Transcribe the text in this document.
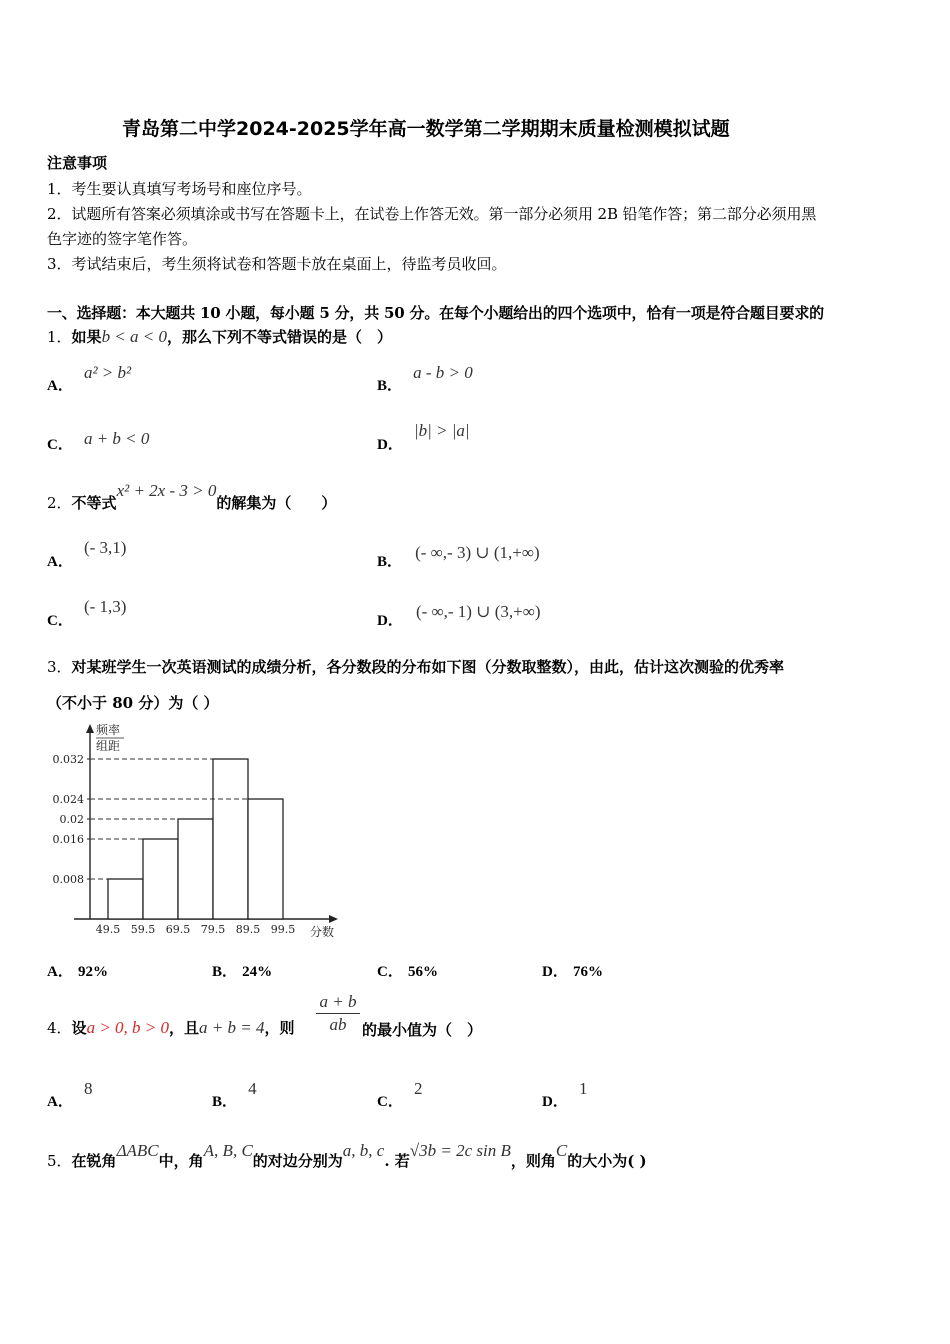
青岛第二中学2024-2025学年高一数学第二学期期末质量检测模拟试题
注意事项
1．考生要认真填写考场号和座位序号。
2．试题所有答案必须填涂或书写在答题卡上，在试卷上作答无效。第一部分必须用 2B 铅笔作答；第二部分必须用黑
色字迹的签字笔作答。
3．考试结束后，考生须将试卷和答题卡放在桌面上，待监考员收回。
一、选择题：本大题共 10 小题，每小题 5 分，共 50 分。在每个小题给出的四个选项中，恰有一项是符合题目要求的
1．如果b < a < 0，那么下列不等式错误的是（　）
A． a² > b²
B． a - b > 0
C． a + b < 0	D． |b| > |a|
2．不等式x² + 2x - 3 > 0的解集为（　　）
A． (- 3,1)
B． (- ∞,- 3) ∪ (1,+∞)
C． (- 1,3)
D． (- ∞,- 1) ∪ (3,+∞)
3．对某班学生一次英语测试的成绩分析，各分数段的分布如下图（分数取整数），由此，估计这次测验的优秀率
（不小于 80 分）为（ ）
频率
组距
分数
0.032
0.024
0.02
0.016
0.008
49.5 59.5 69.5 79.5 89.5 99.5
A． 92%	B． 24%	C． 56%	D． 76%
4．设a > 0, b > 0，且a + b = 4，则
a + b
ab	的最小值为（　）
A． 8
B． 4
C． 2
D． 1
5．在锐角ΔABC中，角A, B, C的对边分别为a, b, c. 若√3b = 2c sin B，则角C的大小为( )
